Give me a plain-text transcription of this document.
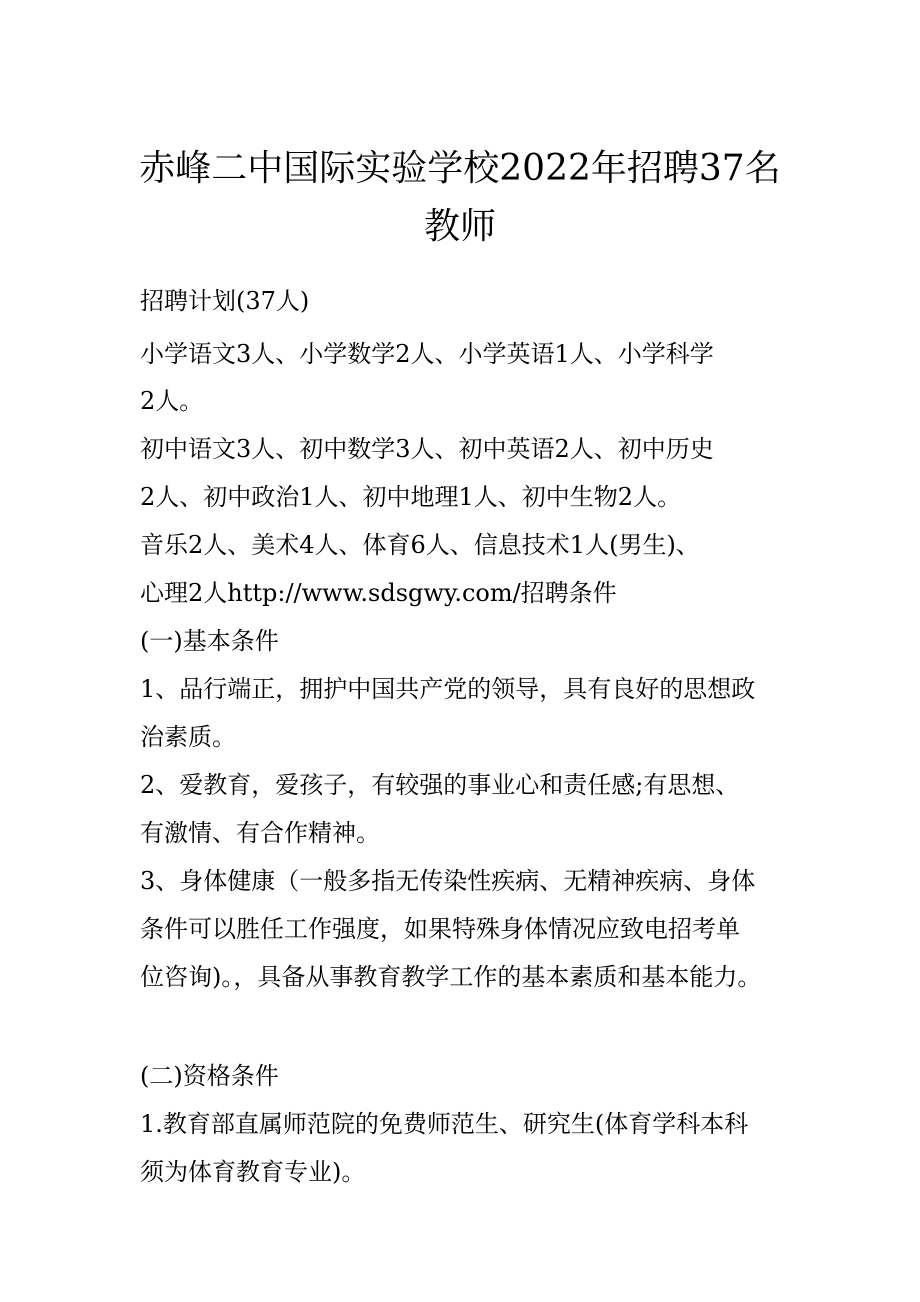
赤峰二中国际实验学校2022年招聘37名
教师

招聘计划(37人)

小学语文3人、小学数学2人、小学英语1人、小学科学

2人。

初中语文3人、初中数学3人、初中英语2人、初中历史

2人、初中政治1人、初中地理1人、初中生物2人。

音乐2人、美术4人、体育6人、信息技术1人(男生)、

心理2人http://www.sdsgwy.com/招聘条件

(一)基本条件

1、品行端正，拥护中国共产党的领导，具有良好的思想政

治素质。

2、爱教育，爱孩子，有较强的事业心和责任感;有思想、

有激情、有合作精神。

3、身体健康（一般多指无传染性疾病、无精神疾病、身体

条件可以胜任工作强度，如果特殊身体情况应致电招考单

位咨询)。，具备从事教育教学工作的基本素质和基本能力。

(二)资格条件

1.教育部直属师范院的免费师范生、研究生(体育学科本科

须为体育教育专业)。
